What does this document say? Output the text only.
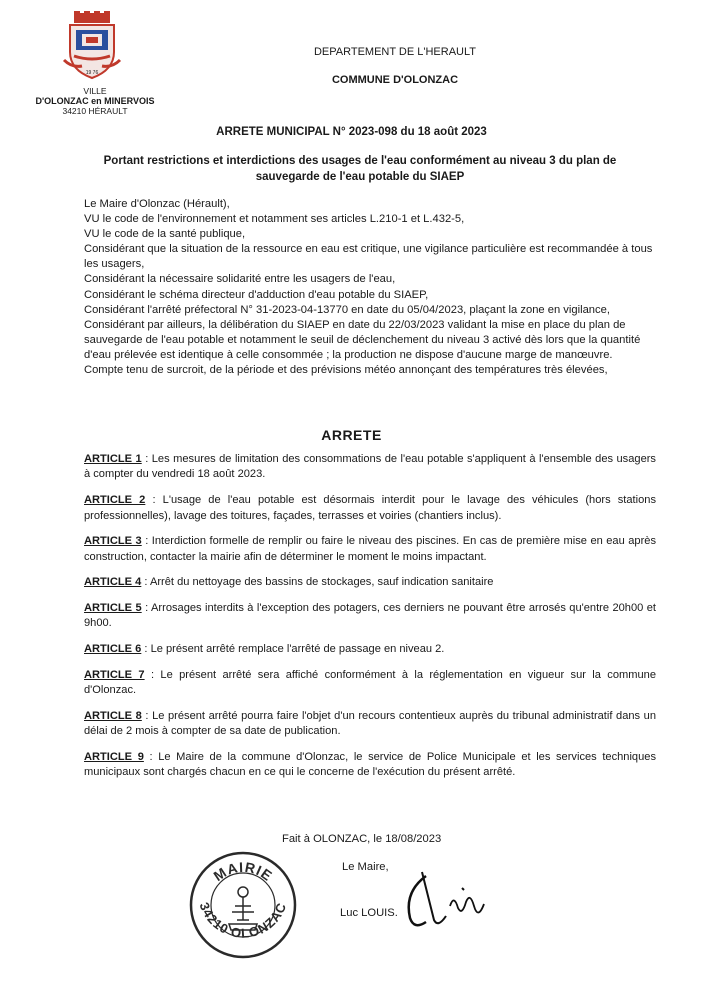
19 76
VILLE
D'OLONZAC en MINERVOIS
34210 HÉRAULT
DEPARTEMENT DE L'HERAULT
COMMUNE D'OLONZAC
ARRETE MUNICIPAL N° 2023-098 du 18 août 2023
Portant restrictions et interdictions des usages de l'eau conformément au niveau 3 du plan de
sauvegarde de l'eau potable du SIAEP
Le Maire d'Olonzac (Hérault),
VU le code de l'environnement et notamment ses articles L.210-1 et L.432-5,
VU le code de la santé publique,
Considérant que la situation de la ressource en eau est critique, une vigilance particulière est recommandée à tous les usagers,
Considérant la nécessaire solidarité entre les usagers de l'eau,
Considérant le schéma directeur d'adduction d'eau potable du SIAEP,
Considérant l'arrêté préfectoral N° 31-2023-04-13770 en date du 05/04/2023, plaçant la zone en vigilance,
Considérant par ailleurs, la délibération du SIAEP en date du 22/03/2023 validant la mise en place du plan de sauvegarde de l'eau potable et notamment le seuil de déclenchement du niveau 3 activé dès lors que la quantité d'eau prélevée est identique à celle consommée ; la production ne dispose d'aucune marge de manœuvre.
Compte tenu de surcroit, de la période et des prévisions météo annonçant des températures très élevées,
ARRETE
ARTICLE 1 : Les mesures de limitation des consommations de l'eau potable s'appliquent à l'ensemble des usagers à compter du vendredi 18 août 2023.
ARTICLE 2 : L'usage de l'eau potable est désormais interdit pour le lavage des véhicules (hors stations professionnelles), lavage des toitures, façades, terrasses et voiries (chantiers inclus).
ARTICLE 3 : Interdiction formelle de remplir ou faire le niveau des piscines. En cas de première mise en eau après construction, contacter la mairie afin de déterminer le moment le moins impactant.
ARTICLE 4 : Arrêt du nettoyage des bassins de stockages, sauf indication sanitaire
ARTICLE 5 : Arrosages interdits à l'exception des potagers, ces derniers ne pouvant être arrosés qu'entre 20h00 et 9h00.
ARTICLE 6 : Le présent arrêté remplace l'arrêté de passage en niveau 2.
ARTICLE 7 : Le présent arrêté sera affiché conformément à la réglementation en vigueur sur la commune d'Olonzac.
ARTICLE 8 : Le présent arrêté pourra faire l'objet d'un recours contentieux auprès du tribunal administratif dans un délai de 2 mois à compter de sa date de publication.
ARTICLE 9 : Le Maire de la commune d'Olonzac, le service de Police Municipale et les services techniques municipaux sont chargés chacun en ce qui le concerne de l'exécution du présent arrêté.
Fait à OLONZAC, le 18/08/2023
Le Maire,
Luc LOUIS.
MAIRIE
34210 OLONZAC
